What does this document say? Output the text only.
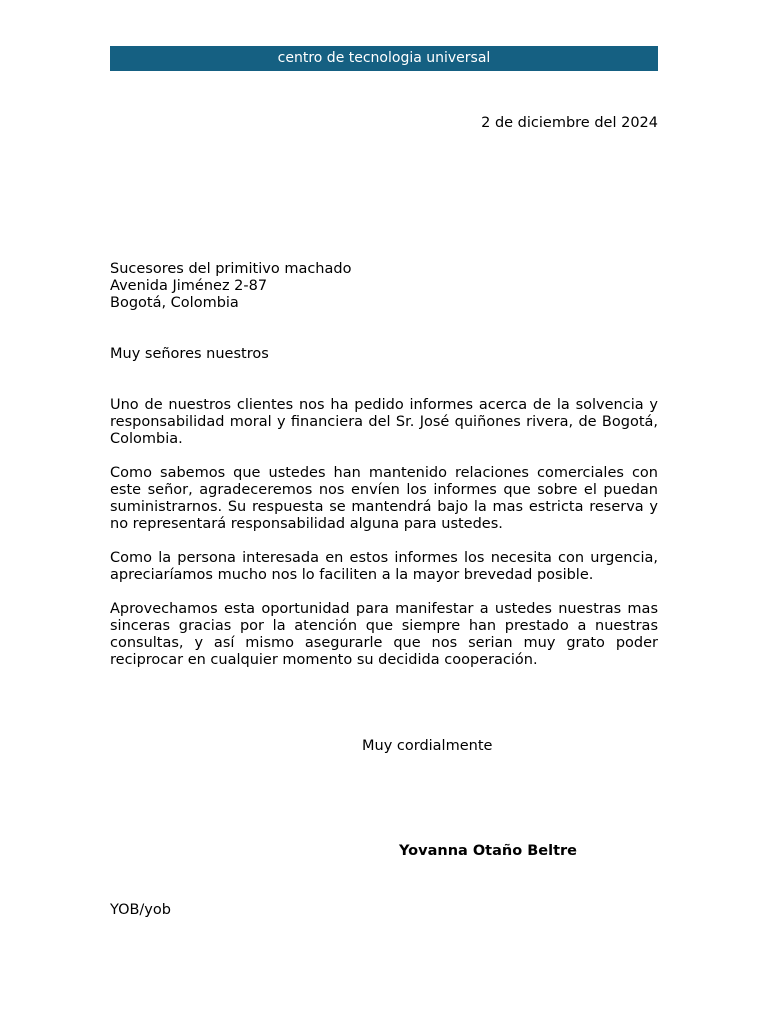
centro de tecnologia universal
2 de diciembre del 2024
Sucesores del primitivo machado
Avenida Jiménez 2-87
Bogotá, Colombia
Muy señores nuestros

Uno de nuestros clientes nos ha pedido informes acerca de la solvencia y responsabilidad moral y financiera del Sr. José quiñones rivera, de Bogotá, Colombia.

Como sabemos que ustedes han mantenido relaciones comerciales con este señor, agradeceremos nos envíen los informes que sobre el puedan suministrarnos. Su respuesta se mantendrá bajo la mas estricta reserva y no representará responsabilidad alguna para ustedes.

Como la persona interesada en estos informes los necesita con urgencia, apreciaríamos mucho nos lo faciliten a la mayor brevedad posible.

Aprovechamos esta oportunidad para manifestar a ustedes nuestras mas sinceras gracias por la atención que siempre han prestado a nuestras consultas, y así mismo asegurarle que nos serian muy grato poder reciprocar en cualquier momento su decidida cooperación.

Muy cordialmente
Yovanna Otaño Beltre
YOB/yob
